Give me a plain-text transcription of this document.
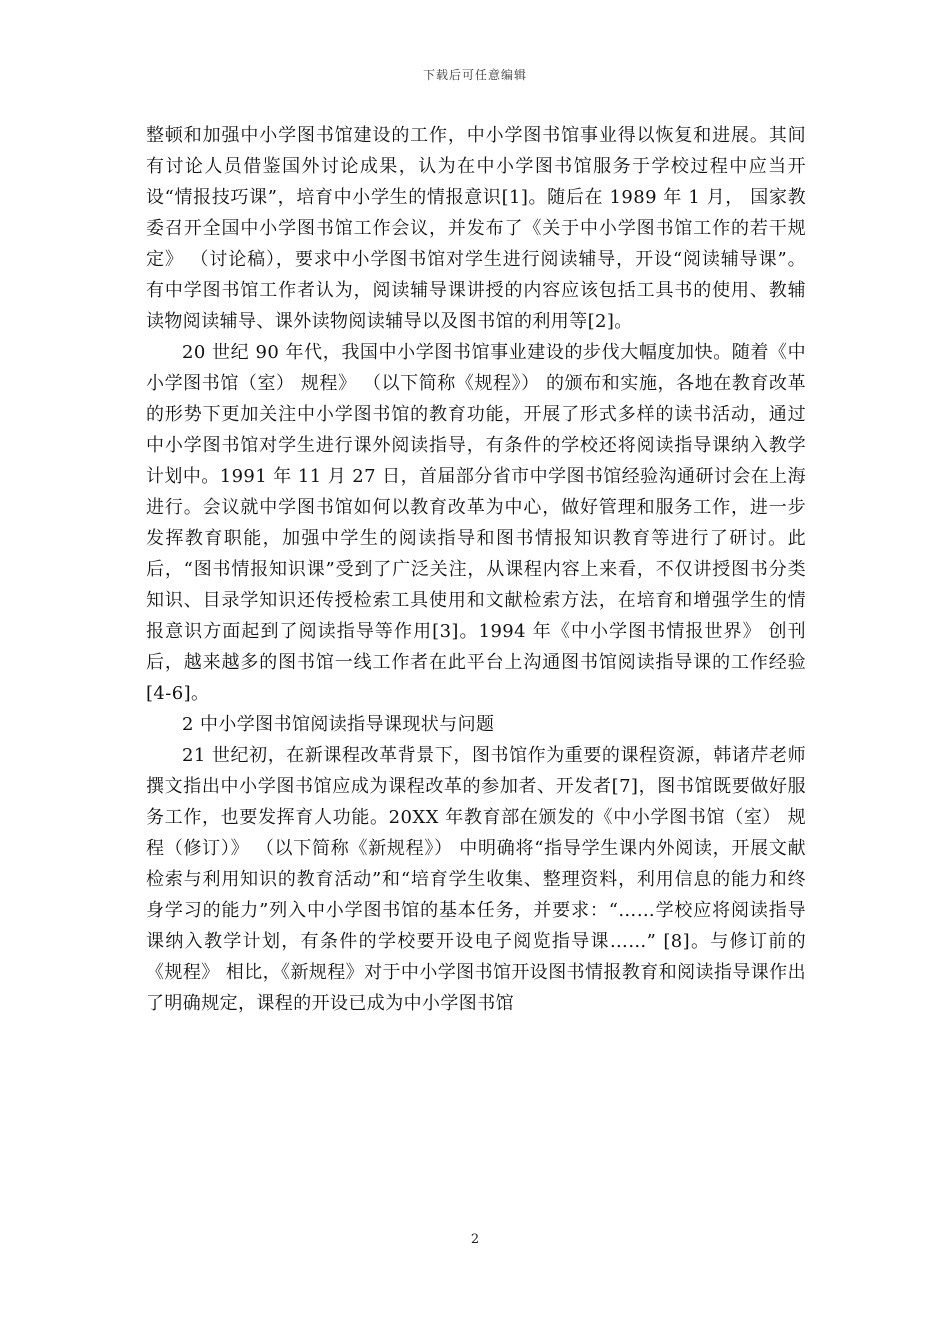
下载后可任意编辑

整顿和加强中小学图书馆建设的工作，中小学图书馆事业得以恢复和进展。其间有讨论人员借鉴国外讨论成果，认为在中小学图书馆服务于学校过程中应当开设“情报技巧课”，培育中小学生的情报意识[1]。随后在 1989 年 1 月， 国家教委召开全国中小学图书馆工作会议，并发布了《关于中小学图书馆工作的若干规定》 （讨论稿），要求中小学图书馆对学生进行阅读辅导，开设“阅读辅导课”。有中学图书馆工作者认为，阅读辅导课讲授的内容应该包括工具书的使用、教辅读物阅读辅导、课外读物阅读辅导以及图书馆的利用等[2]。

20 世纪 90 年代，我国中小学图书馆事业建设的步伐大幅度加快。随着《中小学图书馆（室） 规程》 （以下简称《规程》） 的颁布和实施，各地在教育改革的形势下更加关注中小学图书馆的教育功能，开展了形式多样的读书活动，通过中小学图书馆对学生进行课外阅读指导，有条件的学校还将阅读指导课纳入教学计划中。1991 年 11 月 27 日，首届部分省市中学图书馆经验沟通研讨会在上海进行。会议就中学图书馆如何以教育改革为中心，做好管理和服务工作，进一步发挥教育职能，加强中学生的阅读指导和图书情报知识教育等进行了研讨。此后，“图书情报知识课”受到了广泛关注，从课程内容上来看，不仅讲授图书分类知识、目录学知识还传授检索工具使用和文献检索方法，在培育和增强学生的情报意识方面起到了阅读指导等作用[3]。1994 年《中小学图书情报世界》 创刊后，越来越多的图书馆一线工作者在此平台上沟通图书馆阅读指导课的工作经验 [4-6]。

2 中小学图书馆阅读指导课现状与问题

21 世纪初，在新课程改革背景下，图书馆作为重要的课程资源，韩诸芹老师撰文指出中小学图书馆应成为课程改革的参加者、开发者[7]，图书馆既要做好服务工作，也要发挥育人功能。20XX 年教育部在颁发的《中小学图书馆（室） 规程（修订）》 （以下简称《新规程》） 中明确将“指导学生课内外阅读，开展文献检索与利用知识的教育活动”和“培育学生收集、整理资料，利用信息的能力和终身学习的能力”列入中小学图书馆的基本任务，并要求：“……学校应将阅读指导课纳入教学计划，有条件的学校要开设电子阅览指导课……” [8]。与修订前的《规程》 相比，《新规程》对于中小学图书馆开设图书情报教育和阅读指导课作出了明确规定，课程的开设已成为中小学图书馆

2
